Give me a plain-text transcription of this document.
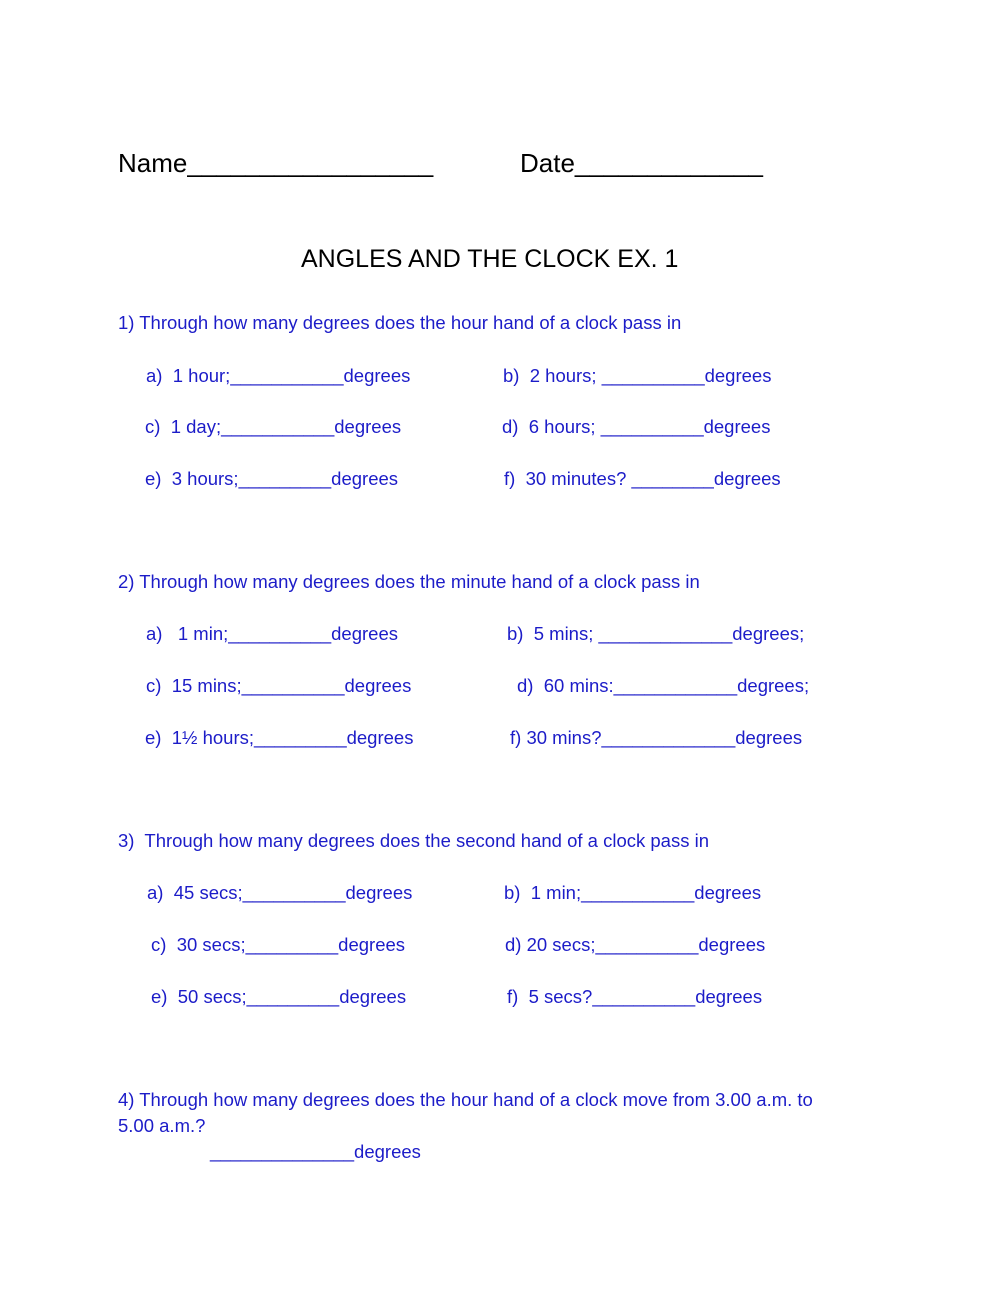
Name_________________	Date_____________
ANGLES AND THE CLOCK EX. 1
1) Through how many degrees does the hour hand of a clock pass in
a)  1 hour;___________degrees	b)  2 hours; __________degrees
c)  1 day;___________degrees	d)  6 hours; __________degrees
e)  3 hours;_________degrees	f)  30 minutes? ________degrees
2) Through how many degrees does the minute hand of a clock pass in
a)   1 min;__________degrees	b)  5 mins; _____________degrees;
c)  15 mins;__________degrees	d)  60 mins:____________degrees;
e)  1½ hours;_________degrees	f) 30 mins?_____________degrees
3)  Through how many degrees does the second hand of a clock pass in
a)  45 secs;__________degrees	b)  1 min;___________degrees
c)  30 secs;_________degrees	d) 20 secs;__________degrees
e)  50 secs;_________degrees	f)  5 secs?__________degrees
4) Through how many degrees does the hour hand of a clock move from 3.00 a.m. to
5.00 a.m.?
______________degrees
